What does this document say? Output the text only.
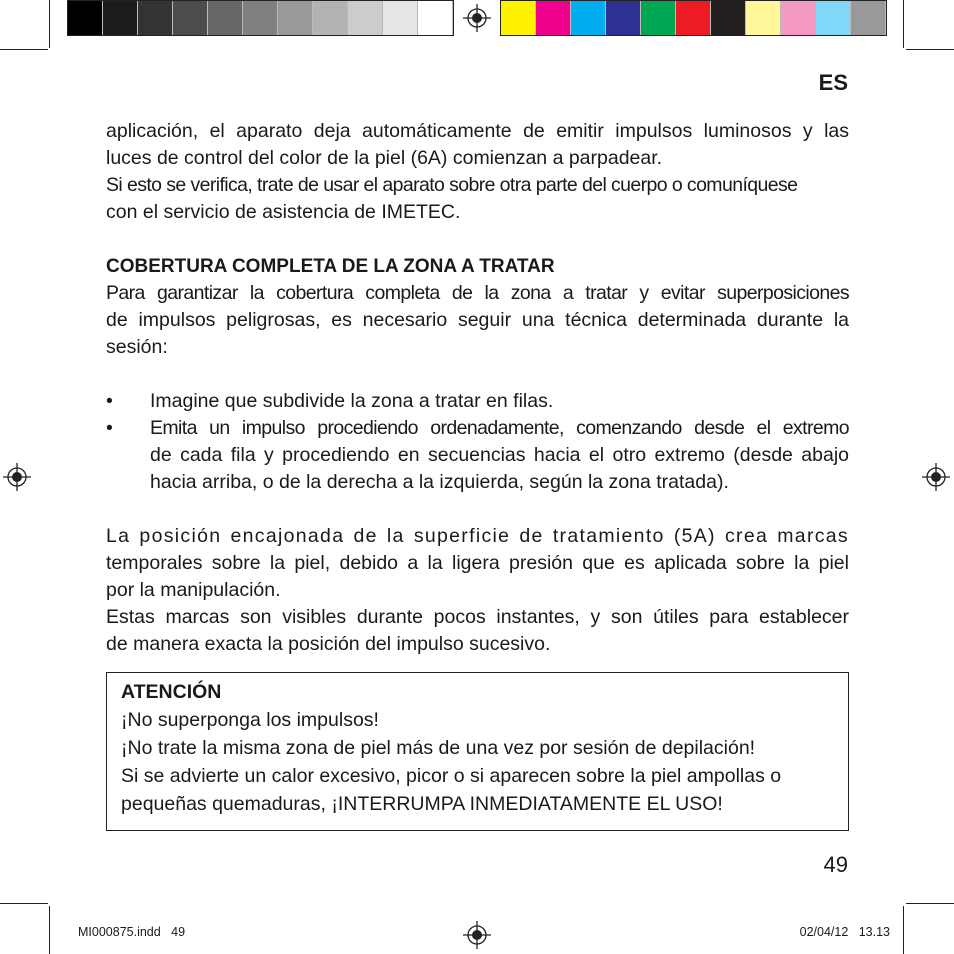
ES

aplicación, el aparato deja automáticamente de emitir impulsos luminosos y las

luces de control del color de la piel (6A) comienzan a parpadear.

Si esto se verifica, trate de usar el aparato sobre otra parte del cuerpo o comuníquese

con el servicio de asistencia de IMETEC.

COBERTURA COMPLETA DE LA ZONA A TRATAR

Para garantizar la cobertura completa de la zona a tratar y evitar superposiciones

de impulsos peligrosas, es necesario seguir una técnica determinada durante la

sesión:

• Imagine que subdivide la zona a tratar en filas.
• Emita un impulso procediendo ordenadamente, comenzando desde el extremo
de cada fila y procediendo en secuencias hacia el otro extremo (desde abajo
hacia arriba, o de la derecha a la izquierda, según la zona tratada).

La posición encajonada de la superficie de tratamiento (5A) crea marcas

temporales sobre la piel, debido a la ligera presión que es aplicada sobre la piel

por la manipulación.

Estas marcas son visibles durante pocos instantes, y son útiles para establecer

de manera exacta la posición del impulso sucesivo.

ATENCIÓN
¡No superponga los impulsos!
¡No trate la misma zona de piel más de una vez por sesión de depilación!
Si se advierte un calor excesivo, picor o si aparecen sobre la piel ampollas o
pequeñas quemaduras, ¡INTERRUMPA INMEDIATAMENTE EL USO!
49
MI000875.indd   49	02/04/12   13.13
